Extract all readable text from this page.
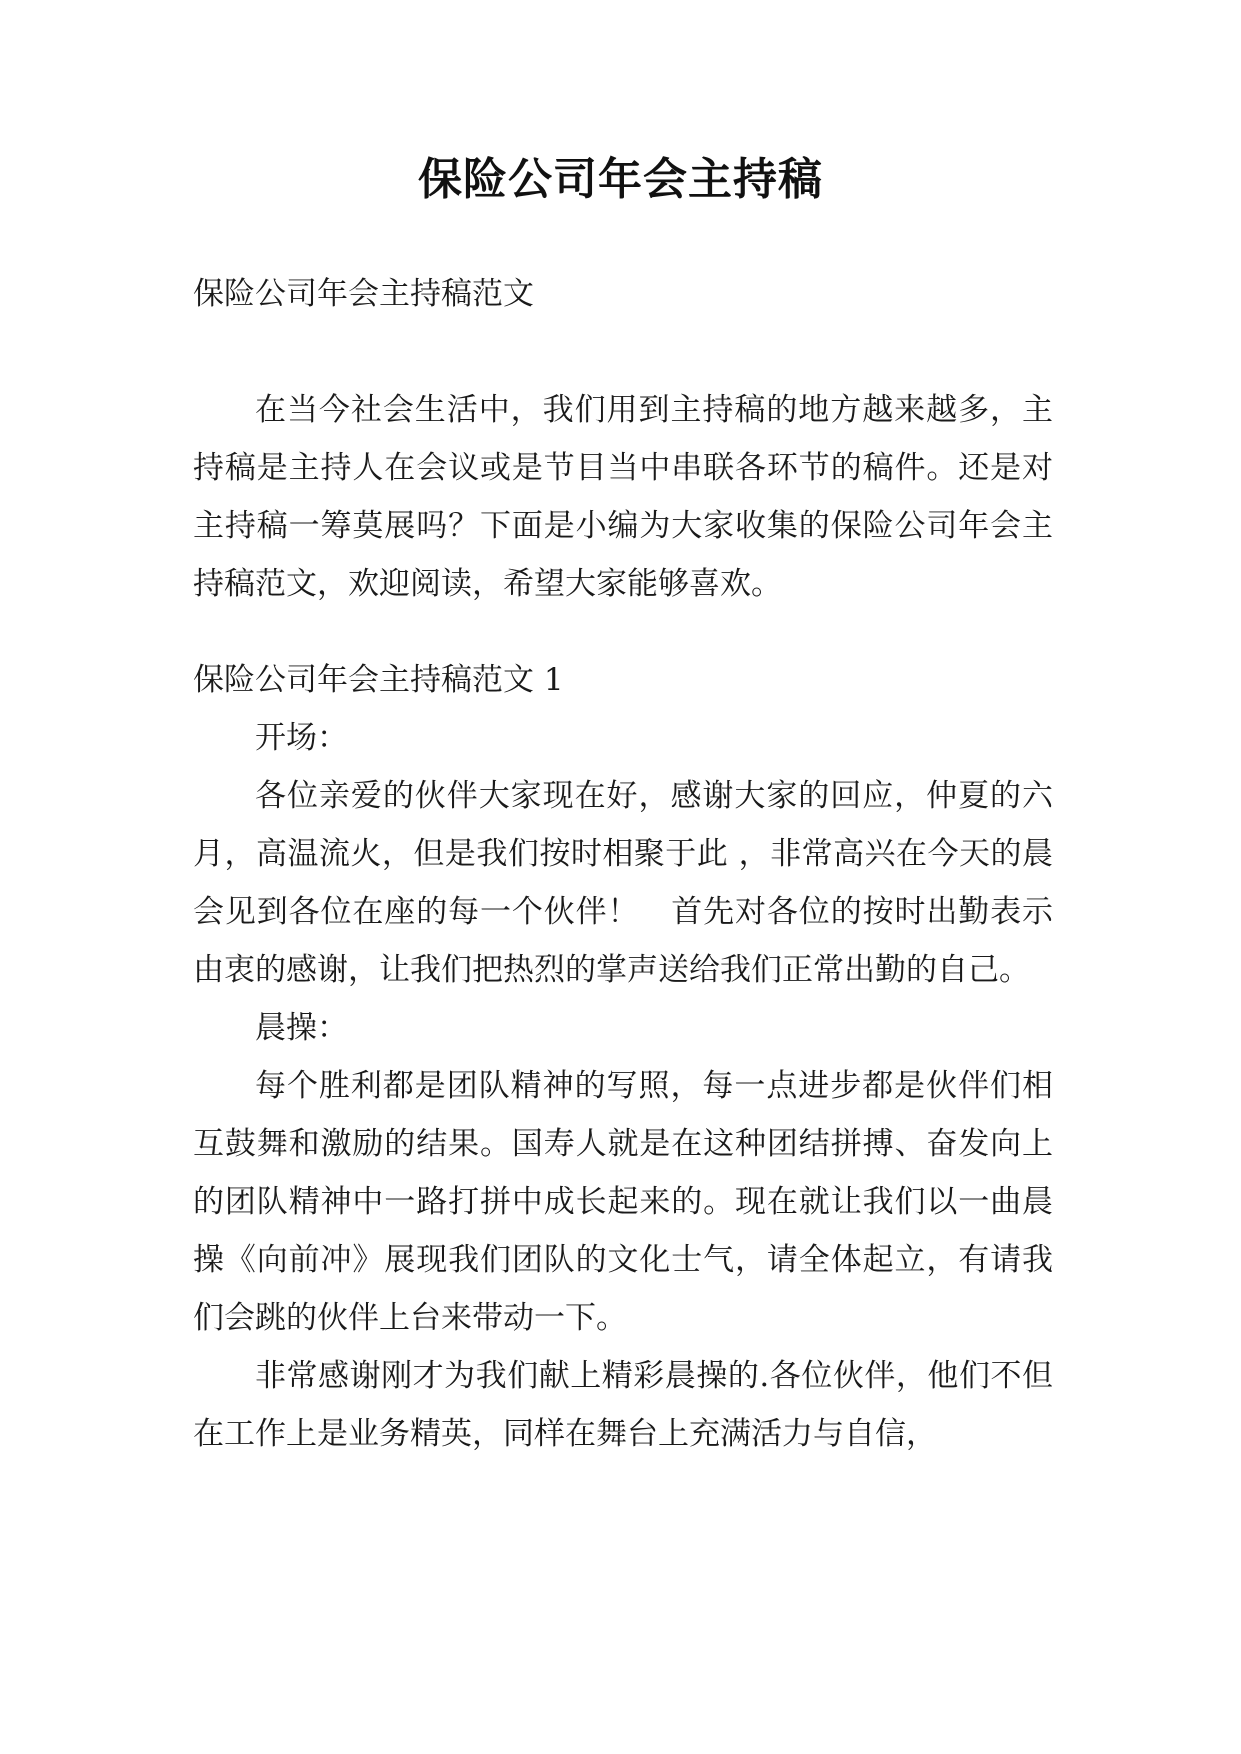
保险公司年会主持稿

保险公司年会主持稿范文

在当今社会生活中，我们用到主持稿的地方越来越多，主持稿是主持人在会议或是节目当中串联各环节的稿件。还是对主持稿一筹莫展吗？下面是小编为大家收集的保险公司年会主持稿范文，欢迎阅读，希望大家能够喜欢。

保险公司年会主持稿范文 1

开场：

各位亲爱的伙伴大家现在好，感谢大家的回应，仲夏的六月，高温流火，但是我们按时相聚于此 ，非常高兴在今天的晨会见到各位在座的每一个伙伴！　首先对各位的按时出勤表示由衷的感谢，让我们把热烈的掌声送给我们正常出勤的自己。

晨操：

每个胜利都是团队精神的写照，每一点进步都是伙伴们相互鼓舞和激励的结果。国寿人就是在这种团结拼搏、奋发向上的团队精神中一路打拼中成长起来的。现在就让我们以一曲晨操《向前冲》展现我们团队的文化士气，请全体起立，有请我们会跳的伙伴上台来带动一下。

非常感谢刚才为我们献上精彩晨操的.各位伙伴，他们不但在工作上是业务精英，同样在舞台上充满活力与自信，
